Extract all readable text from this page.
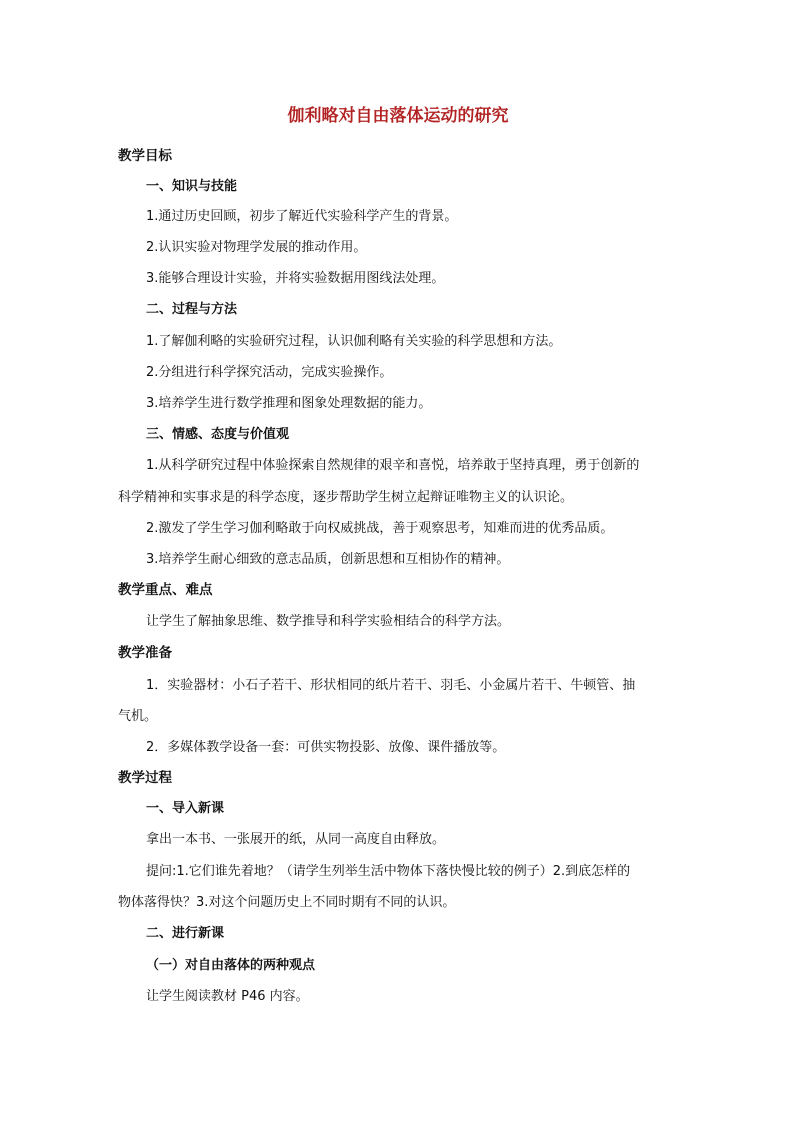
伽利略对自由落体运动的研究
教学目标
一、知识与技能
1.通过历史回顾，初步了解近代实验科学产生的背景。
2.认识实验对物理学发展的推动作用。
3.能够合理设计实验，并将实验数据用图线法处理。
二、过程与方法
1.了解伽利略的实验研究过程，认识伽利略有关实验的科学思想和方法。
2.分组进行科学探究活动，完成实验操作。
3.培养学生进行数学推理和图象处理数据的能力。
三、情感、态度与价值观
1.从科学研究过程中体验探索自然规律的艰辛和喜悦，培养敢于坚持真理，勇于创新的
科学精神和实事求是的科学态度，逐步帮助学生树立起辩证唯物主义的认识论。
2.激发了学生学习伽利略敢于向权威挑战，善于观察思考，知难而进的优秀品质。
3.培养学生耐心细致的意志品质，创新思想和互相协作的精神。
教学重点、难点
让学生了解抽象思维、数学推导和科学实验相结合的科学方法。
教学准备
1．实验器材：小石子若干、形状相同的纸片若干、羽毛、小金属片若干、牛顿管、抽
气机。
2．多媒体教学设备一套：可供实物投影、放像、课件播放等。
教学过程
一、导入新课
拿出一本书、一张展开的纸，从同一高度自由释放。
提问:1.它们谁先着地？（请学生列举生活中物体下落快慢比较的例子）2.到底怎样的
物体落得快？3.对这个问题历史上不同时期有不同的认识。
二、进行新课
（一）对自由落体的两种观点
让学生阅读教材 P46 内容。
